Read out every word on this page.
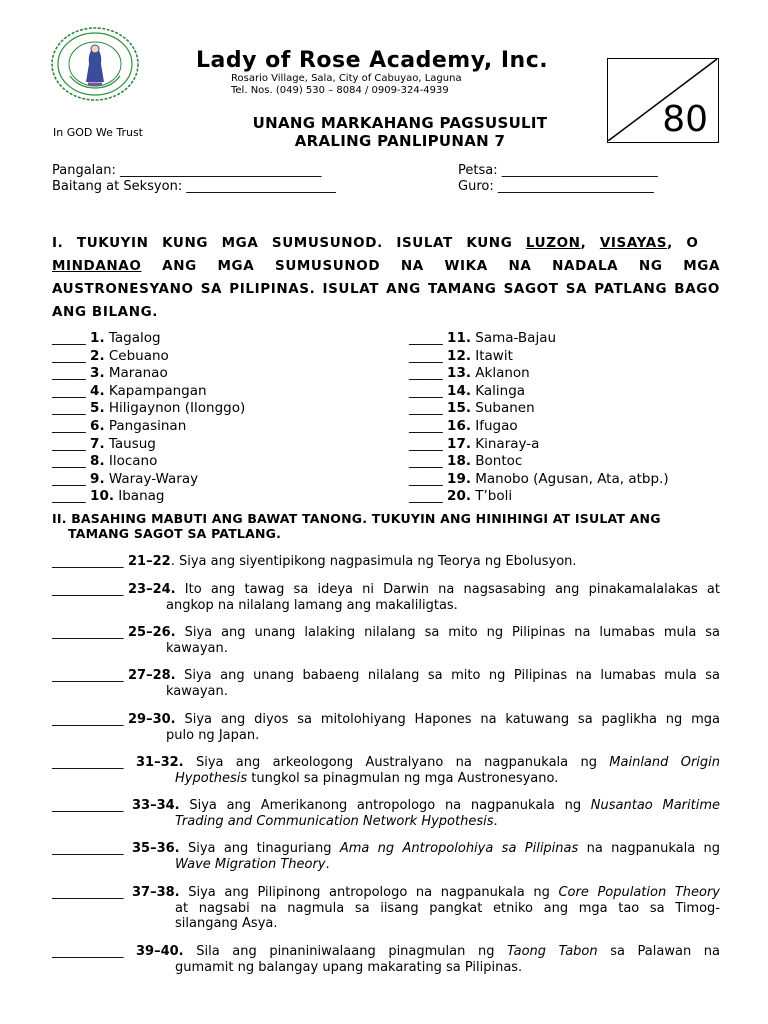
In GOD We Trust
Lady of Rose Academy, Inc.
Rosario Village, Sala, City of Cabuyao, Laguna
Tel. Nos. (049) 530 – 8084 / 0909-324-4939
UNANG MARKAHANG PAGSUSULIT
ARALING PANLIPUNAN 7
80
Pangalan: _______________________________
Baitang at Seksyon: _______________________
Petsa: ________________________
Guro: ________________________
I. TUKUYIN KUNG MGA SUMUSUNOD. ISULAT KUNG LUZON, VISAYAS, O MINDANAO ANG MGA SUMUSUNOD NA WIKA NA NADALA NG MGA AUSTRONESYANO SA PILIPINAS. ISULAT ANG TAMANG SAGOT SA PATLANG BAGO ANG BILANG.
_____ 1. Tagalog
_____ 2. Cebuano
_____ 3. Maranao
_____ 4. Kapampangan
_____ 5. Hiligaynon (Ilonggo)
_____ 6. Pangasinan
_____ 7. Tausug
_____ 8. Ilocano
_____ 9. Waray-Waray
_____ 10. Ibanag
_____ 11. Sama-Bajau
_____ 12. Itawit
_____ 13. Aklanon
_____ 14. Kalinga
_____ 15. Subanen
_____ 16. Ifugao
_____ 17. Kinaray-a
_____ 18. Bontoc
_____ 19. Manobo (Agusan, Ata, atbp.)
_____ 20. T’boli
II. BASAHING MABUTI ANG BAWAT TANONG. TUKUYIN ANG HINIHINGI AT ISULAT ANG
TAMANG SAGOT SA PATLANG.
___________ 21–22. Siya ang siyentipikong nagpasimula ng Teorya ng Ebolusyon.
___________ 23–24. Ito ang tawag sa ideya ni Darwin na nagsasabing ang pinakamalalakas at
angkop na nilalang lamang ang makaliligtas.
___________ 25–26. Siya ang unang lalaking nilalang sa mito ng Pilipinas na lumabas mula sa
kawayan.
___________ 27–28. Siya ang unang babaeng nilalang sa mito ng Pilipinas na lumabas mula sa
kawayan.
___________ 29–30. Siya ang diyos sa mitolohiyang Hapones na katuwang sa paglikha ng mga
pulo ng Japan.
___________ 31–32. Siya ang arkeologong Australyano na nagpanukala ng Mainland Origin
Hypothesis tungkol sa pinagmulan ng mga Austronesyano.
___________ 33–34. Siya ang Amerikanong antropologo na nagpanukala ng Nusantao Maritime
Trading and Communication Network Hypothesis.
___________ 35–36. Siya ang tinaguriang Ama ng Antropolohiya sa Pilipinas na nagpanukala ng
Wave Migration Theory.
___________ 37–38. Siya ang Pilipinong antropologo na nagpanukala ng Core Population Theory
at nagsabi na nagmula sa iisang pangkat etniko ang mga tao sa Timog-
silangang Asya.
___________ 39–40. Sila ang pinaniniwalaang pinagmulan ng Taong Tabon sa Palawan na
gumamit ng balangay upang makarating sa Pilipinas.
